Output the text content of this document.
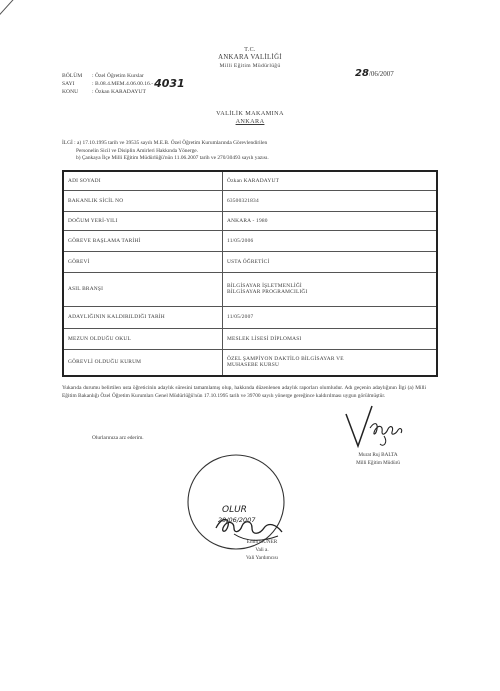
T.C.
ANKARA VALİLİĞİ
Milli Eğitim Müdürlüğü
28/06/2007
BÖLÜM	: Özel Öğretim Kurslar
SAYI	: B.08.4.MEM.4.06.00.16.- 4031
KONU	: Özkan KARADAYUT
VALİLİK MAKAMINA
ANKARA
İLGİ : a) 17.10.1995 tarih ve 39535 sayılı M.E.B. Özel Öğretim Kurumlarında Görevlendirilen
Personelin Sicil ve Disiplin Amirleri Hakkında Yönerge.
b) Çankaya İlçe Milli Eğitim Müdürlüğü'nün 11.06.2007 tarih ve 270/30493 sayılı yazısı.
ADI SOYADI	Özkan KARADAYUT
BAKANLIK SİCİL NO	63500321834
DOĞUM YERİ-YILI	ANKARA - 1980
GÖREVE BAŞLAMA TARİHİ	11/05/2006
GÖREVİ	USTA ÖĞRETİCİ
ASIL BRANŞI	BİLGİSAYAR İŞLETMENLİĞİ
BİLGİSAYAR PROGRAMCILIĞI
ADAYLIĞININ KALDIRILDIĞI TARİH	11/05/2007
MEZUN OLDUĞU OKUL	MESLEK LİSESİ DİPLOMASI
GÖREVLİ OLDUĞU KURUM	ÖZEL ŞAMPİYON DAKTİLO BİLGİSAYAR VE
MUHASEBE KURSU
Yukarıda durumu belirtilen usta öğreticinin adaylık süresini tamamlamış olup, hakkında düzenlenen adaylık raporları olumludur. Adı geçenin adaylığının İlgi (a) Milli Eğitim Bakanlığı Özel Öğretim Kurumları Genel Müdürlüğü'nün 17.10.1995 tarih ve 39700 sayılı yönerge gereğince kaldırılması uygun görülmüştür.
Olurlarınıza arz ederim.
Murat Ruj BALTA
Milli Eğitim Müdürü
OLUR
29/06/2007
Emin GÜNER
Vali a.
Vali Yardımcısı
